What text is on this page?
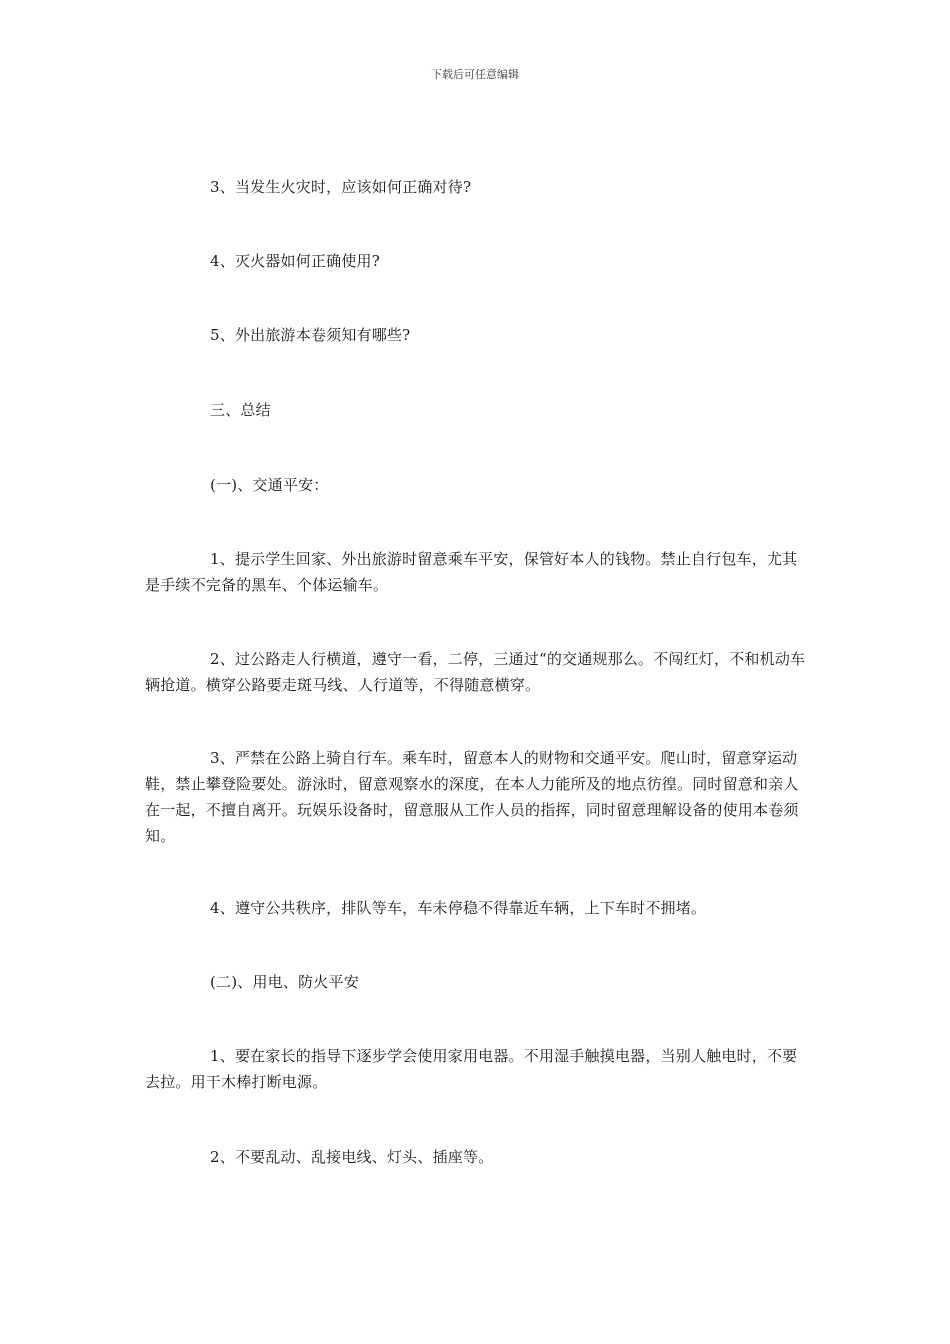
下载后可任意编辑

3、当发生火灾时，应该如何正确对待?

4、灭火器如何正确使用?

5、外出旅游本卷须知有哪些?

三、总结

(一)、交通平安：

1、提示学生回家、外出旅游时留意乘车平安，保管好本人的钱物。禁止自行包车，尤其是手续不完备的黑车、个体运输车。

2、过公路走人行横道，遵守一看，二停，三通过“的交通规那么。不闯红灯，不和机动车辆抢道。横穿公路要走斑马线、人行道等，不得随意横穿。

3、严禁在公路上骑自行车。乘车时，留意本人的财物和交通平安。爬山时，留意穿运动鞋，禁止攀登险要处。游泳时，留意观察水的深度，在本人力能所及的地点彷徨。同时留意和亲人在一起，不擅自离开。玩娱乐设备时，留意服从工作人员的指挥，同时留意理解设备的使用本卷须知。

4、遵守公共秩序，排队等车，车未停稳不得靠近车辆，上下车时不拥堵。

(二)、用电、防火平安

1、要在家长的指导下逐步学会使用家用电器。不用湿手触摸电器，当别人触电时，不要去拉。用干木棒打断电源。

2、不要乱动、乱接电线、灯头、插座等。
